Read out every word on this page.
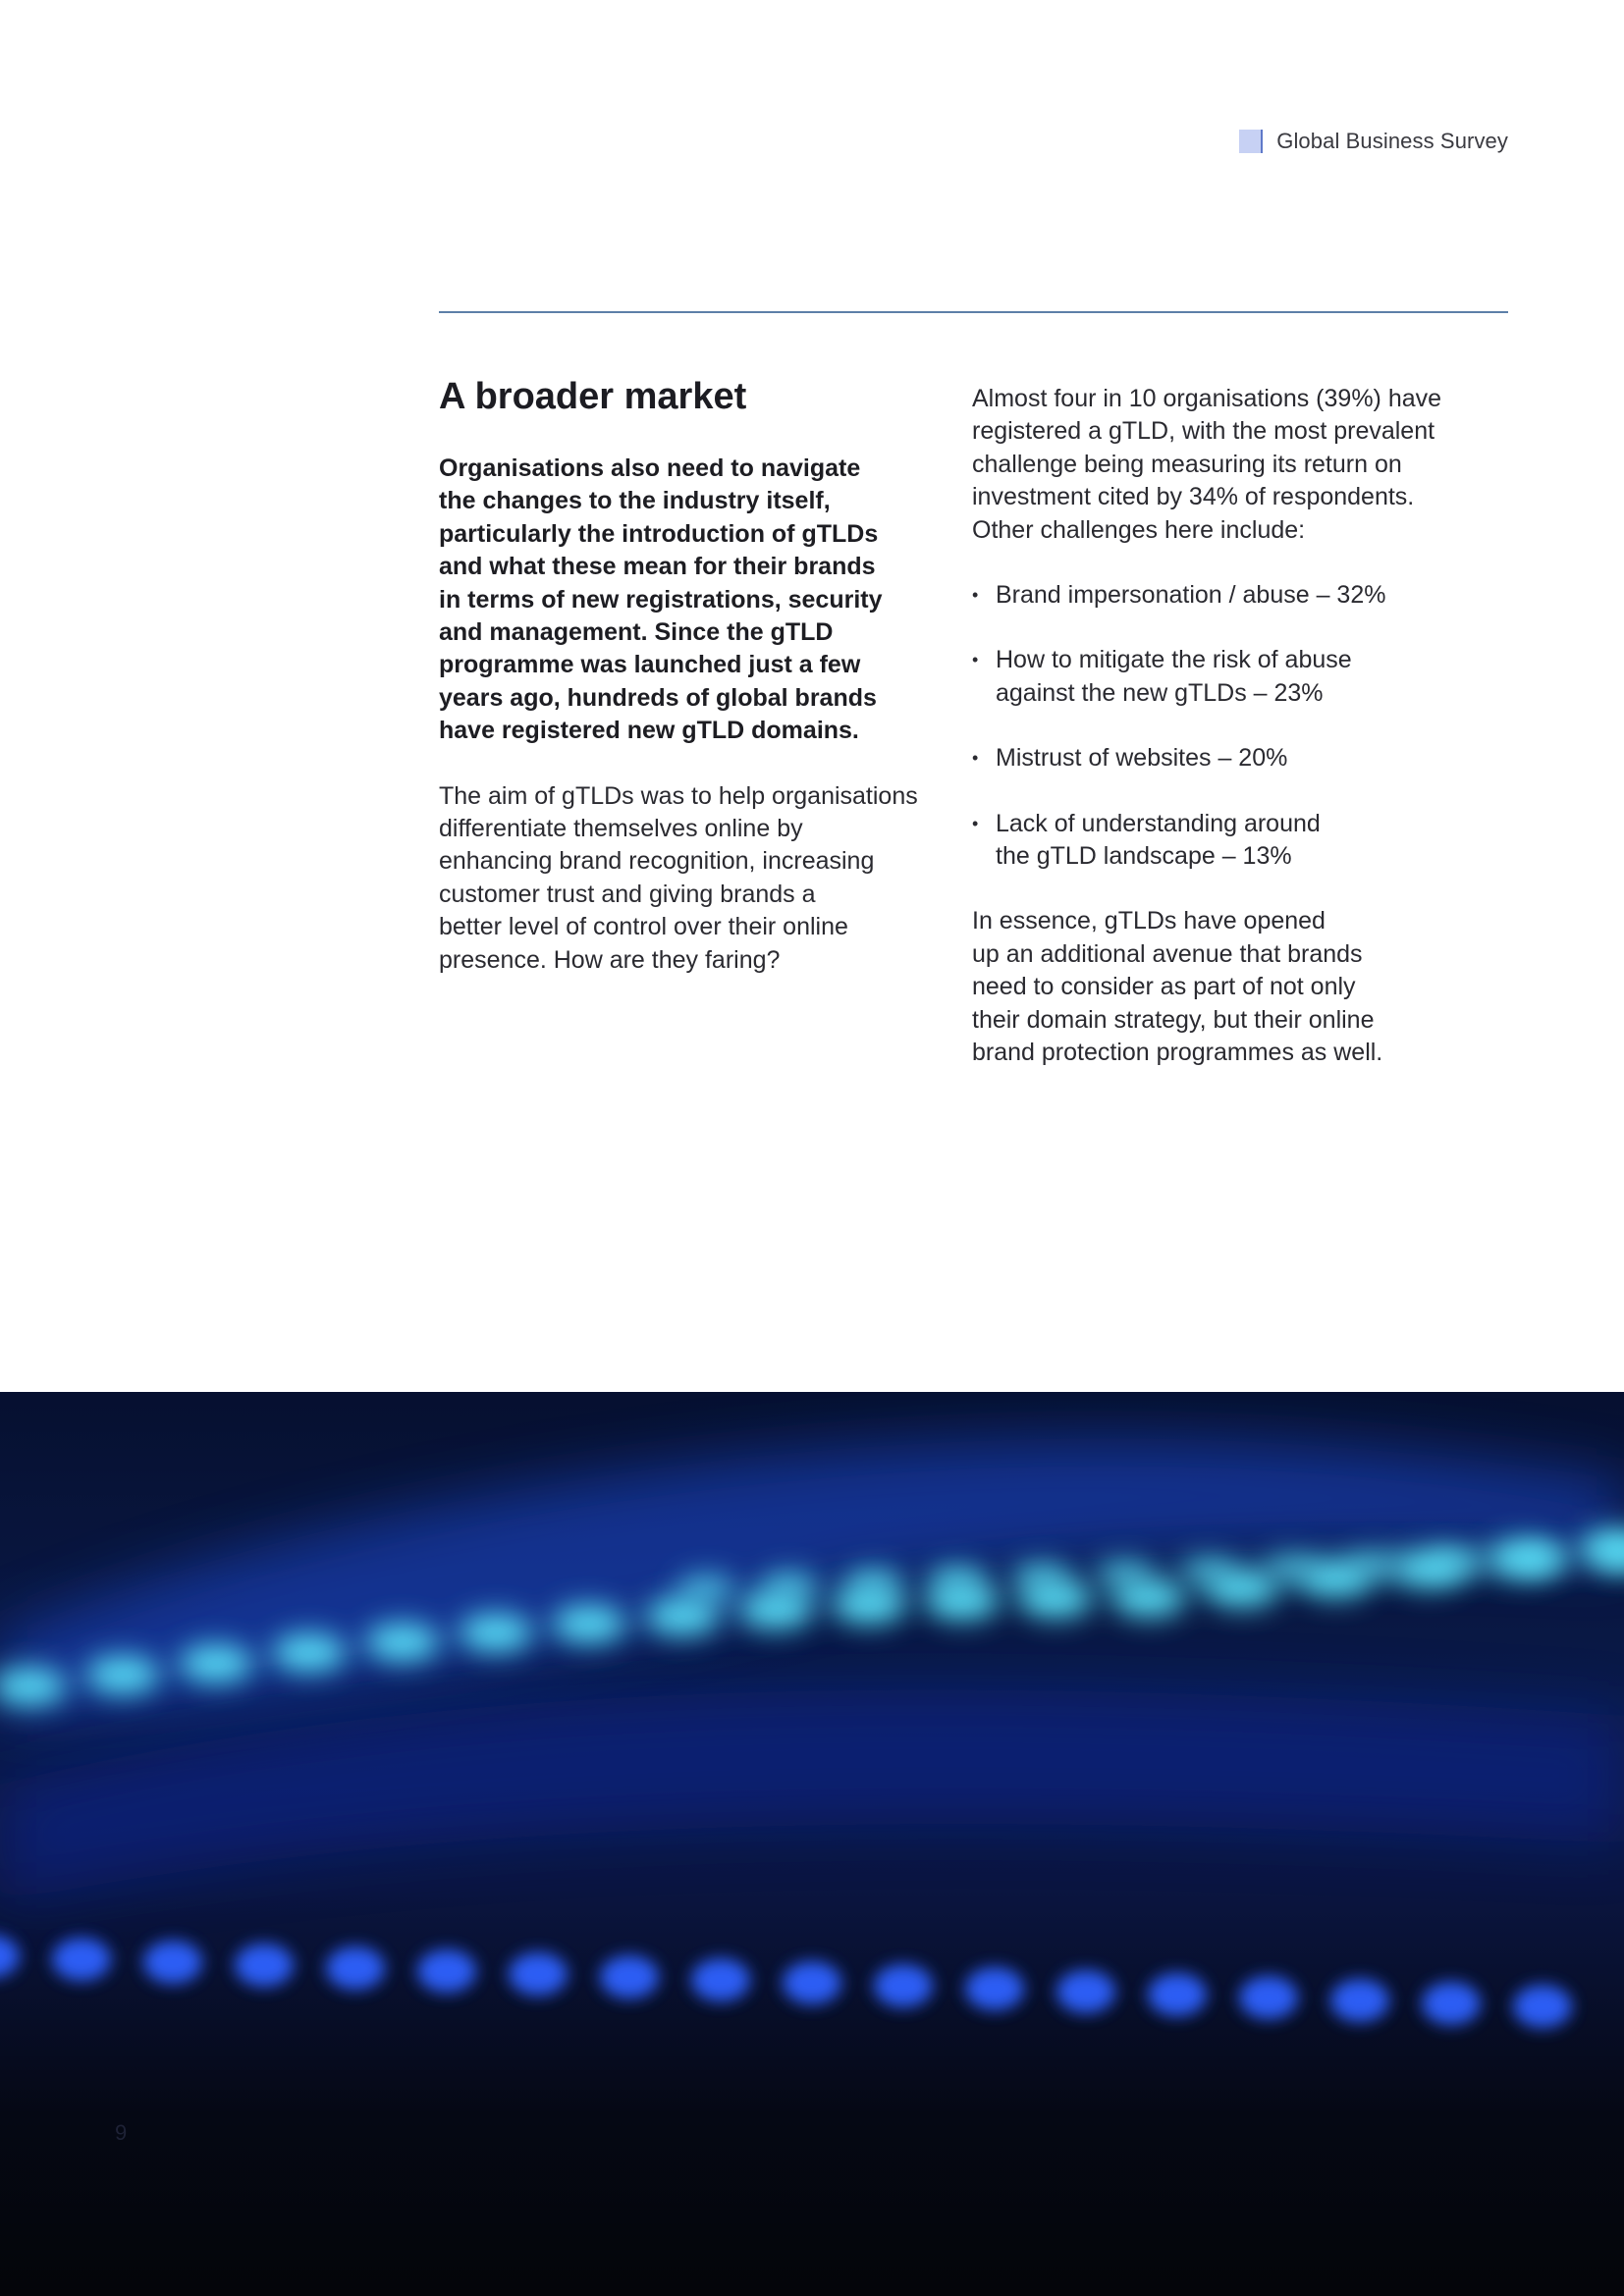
Global Business Survey
A broader market

Organisations also need to navigate
the changes to the industry itself,
particularly the introduction of gTLDs
and what these mean for their brands
in terms of new registrations, security
and management. Since the gTLD
programme was launched just a few
years ago, hundreds of global brands
have registered new gTLD domains.

The aim of gTLDs was to help organisations
differentiate themselves online by
enhancing brand recognition, increasing
customer trust and giving brands a
better level of control over their online
presence. How are they faring?

Almost four in 10 organisations (39%) have
registered a gTLD, with the most prevalent
challenge being measuring its return on
investment cited by 34% of respondents.
Other challenges here include:

• Brand impersonation / abuse – 32%
• How to mitigate the risk of abuse
against the new gTLDs – 23%
• Mistrust of websites – 20%
• Lack of understanding around
the gTLD landscape – 13%

In essence, gTLDs have opened
up an additional avenue that brands
need to consider as part of not only
their domain strategy, but their online
brand protection programmes as well.

9
